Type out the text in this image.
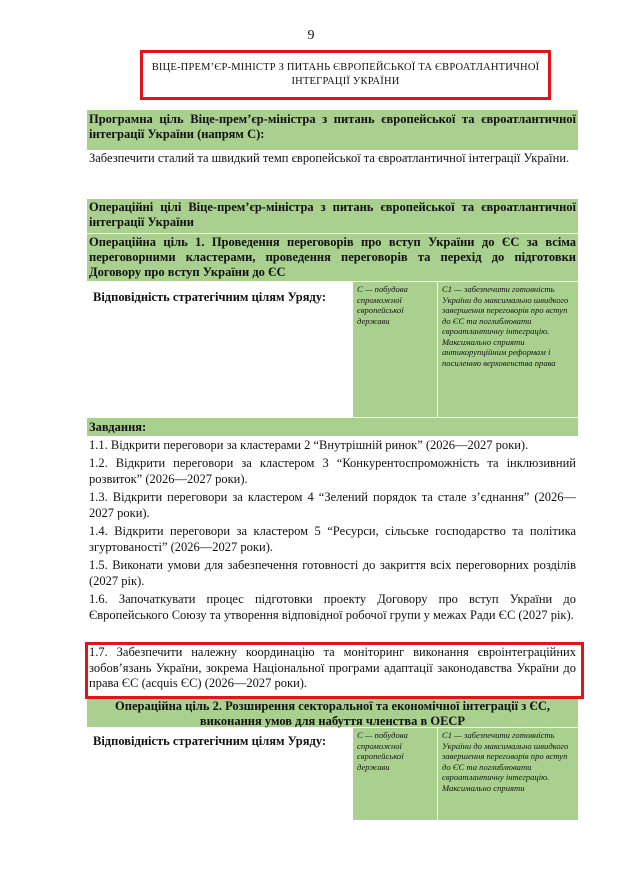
9
ВІЦЕ-ПРЕМ’ЄР-МІНІСТР З ПИТАНЬ ЄВРОПЕЙСЬКОЇ ТА ЄВРОАТЛАНТИЧНОЇ ІНТЕГРАЦІЇ УКРАЇНИ
Програмна ціль Віце-прем’єр-міністра з питань європейської та євроатлантичної інтеграції України (напрям С):
Забезпечити сталий та швидкий темп європейської та євроатлантичної інтеграції України.
Операційні цілі Віце-прем’єр-міністра з питань європейської та євроатлантичної інтеграції України
Операційна ціль 1. Проведення переговорів про вступ України до ЄС за всіма переговорними кластерами, проведення переговорів та перехід до підготовки Договору про вступ України до ЄС
Відповідність стратегічним цілям Уряду:
С — побудова спроможної європейської держави
С1 — забезпечити готовність України до максимально швидкого завершення переговорів про вступ до ЄС та поглиблювати євроатлантичну інтеграцію. Максимально сприяти антикорупційним реформам і посиленню верховенства права
Завдання:
1.1. Відкрити переговори за кластерами 2 “Внутрішній ринок” (2026—2027 роки).
1.2. Відкрити переговори за кластером 3 “Конкурентоспроможність та інклюзивний розвиток” (2026—2027 роки).
1.3. Відкрити переговори за кластером 4 “Зелений порядок та стале з’єднання” (2026—2027 роки).
1.4. Відкрити переговори за кластером 5 “Ресурси, сільське господарство та політика згуртованості” (2026—2027 роки).
1.5. Виконати умови для забезпечення готовності до закриття всіх переговорних розділів (2027 рік).
1.6. Започаткувати процес підготовки проекту Договору про вступ України до Європейського Союзу та утворення відповідної робочої групи у межах Ради ЄС (2027 рік).
1.7. Забезпечити належну координацію та моніторинг виконання євроінтеграційних зобов’язань України, зокрема Національної програми адаптації законодавства України до права ЄС (acquis ЄС) (2026—2027 роки).
Операційна ціль 2. Розширення секторальної та економічної інтеграції з ЄС, виконання умов для набуття членства в ОЕСР
Відповідність стратегічним цілям Уряду:	С — побудова спроможної європейської держави
С1 — забезпечити готовність України до максимально швидкого завершення переговорів про вступ до ЄС та поглиблювати євроатлантичну інтеграцію. Максимально сприяти
